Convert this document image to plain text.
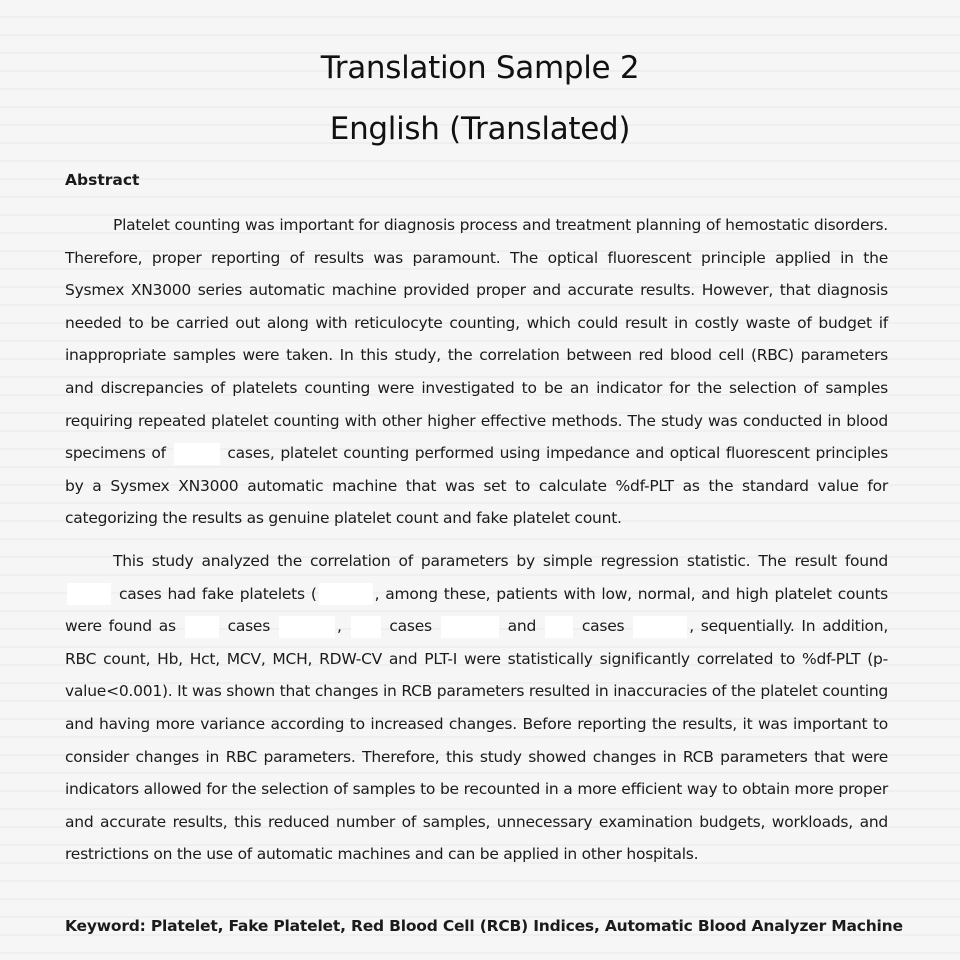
Translation Sample 2
English (Translated)
Abstract

Platelet counting was important for diagnosis process and treatment planning of hemostatic disorders. Therefore, proper reporting of results was paramount. The optical fluorescent principle applied in the Sysmex XN3000 series automatic machine provided proper and accurate results. However, that diagnosis needed to be carried out along with reticulocyte counting, which could result in costly waste of budget if inappropriate samples were taken. In this study, the correlation between red blood cell (RBC) parameters and discrepancies of platelets counting were investigated to be an indicator for the selection of samples requiring repeated platelet counting with other higher effective methods. The study was conducted in blood specimens of	cases, platelet counting performed using impedance and optical fluorescent principles by a Sysmex XN3000 automatic machine that was set to calculate %df-PLT as the standard value for categorizing the results as genuine platelet count and fake platelet count.

This study analyzed the correlation of parameters by simple regression statistic. The result found  cases had fake platelets (	, among these, patients with low, normal, and high platelet counts were found as	cases	,	cases	and	cases	, sequentially. In addition, RBC count, Hb, Hct, MCV, MCH, RDW-CV and PLT-I were statistically significantly correlated to %df-PLT (p-value<0.001). It was shown that changes in RCB parameters resulted in inaccuracies of the platelet counting and having more variance according to increased changes. Before reporting the results, it was important to consider changes in RBC parameters. Therefore, this study showed changes in RCB parameters that were indicators allowed for the selection of samples to be recounted in a more efficient way to obtain more proper and accurate results, this reduced number of samples, unnecessary examination budgets, workloads, and restrictions on the use of automatic machines and can be applied in other hospitals.

Keyword: Platelet, Fake Platelet, Red Blood Cell (RCB) Indices, Automatic Blood Analyzer Machine
